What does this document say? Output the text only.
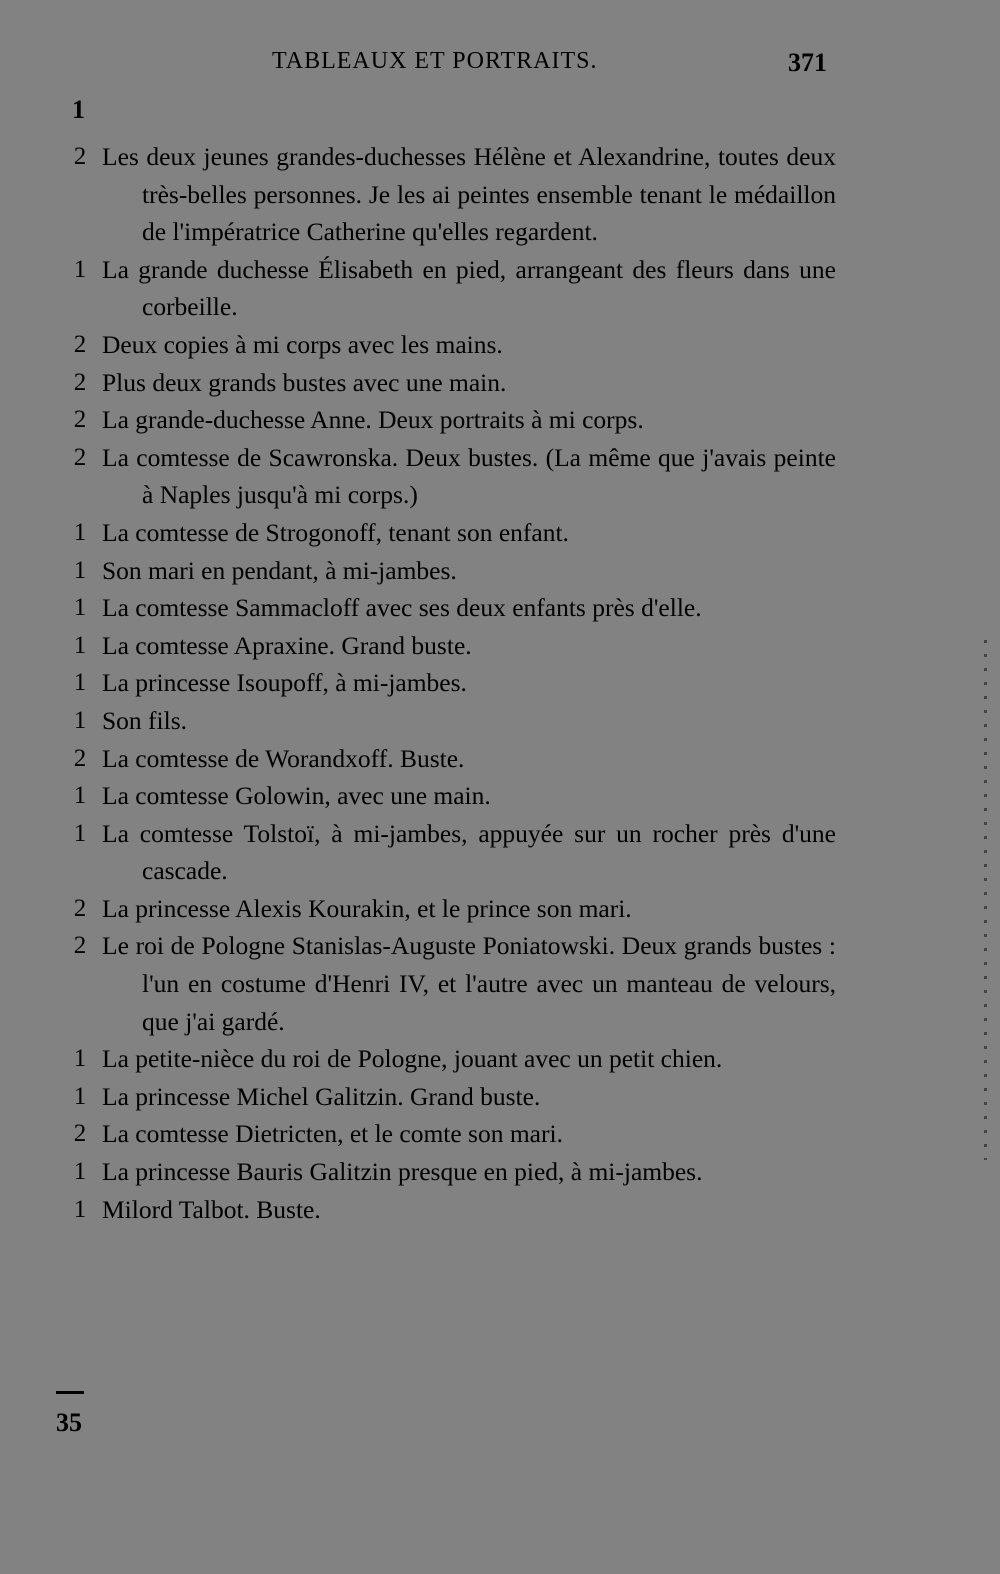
TABLEAUX ET PORTRAITS.	371
1
2 Les deux jeunes grandes-duchesses Hélène et Alexandrine, toutes deux très-belles personnes. Je les ai peintes ensemble tenant le médaillon de l'impératrice Catherine qu'elles regardent.
1 La grande duchesse Élisabeth en pied, arrangeant des fleurs dans une corbeille.
2 Deux copies à mi corps avec les mains.
2 Plus deux grands bustes avec une main.
2 La grande-duchesse Anne. Deux portraits à mi corps.
2 La comtesse de Scawronska. Deux bustes. (La même que j'avais peinte à Naples jusqu'à mi corps.)
1 La comtesse de Strogonoff, tenant son enfant.
1 Son mari en pendant, à mi-jambes.
1 La comtesse Sammacloff avec ses deux enfants près d'elle.
1 La comtesse Apraxine. Grand buste.
1 La princesse Isoupoff, à mi-jambes.
1 Son fils.
2 La comtesse de Worandxoff. Buste.
1 La comtesse Golowin, avec une main.
1 La comtesse Tolstoï, à mi-jambes, appuyée sur un rocher près d'une cascade.
2 La princesse Alexis Kourakin, et le prince son mari.
2 Le roi de Pologne Stanislas-Auguste Poniatowski. Deux grands bustes : l'un en costume d'Henri IV, et l'autre avec un manteau de velours, que j'ai gardé.
1 La petite-nièce du roi de Pologne, jouant avec un petit chien.
1 La princesse Michel Galitzin. Grand buste.
2 La comtesse Dietricten, et le comte son mari.
1 La princesse Bauris Galitzin presque en pied, à mi-jambes.
1 Milord Talbot. Buste.
35
